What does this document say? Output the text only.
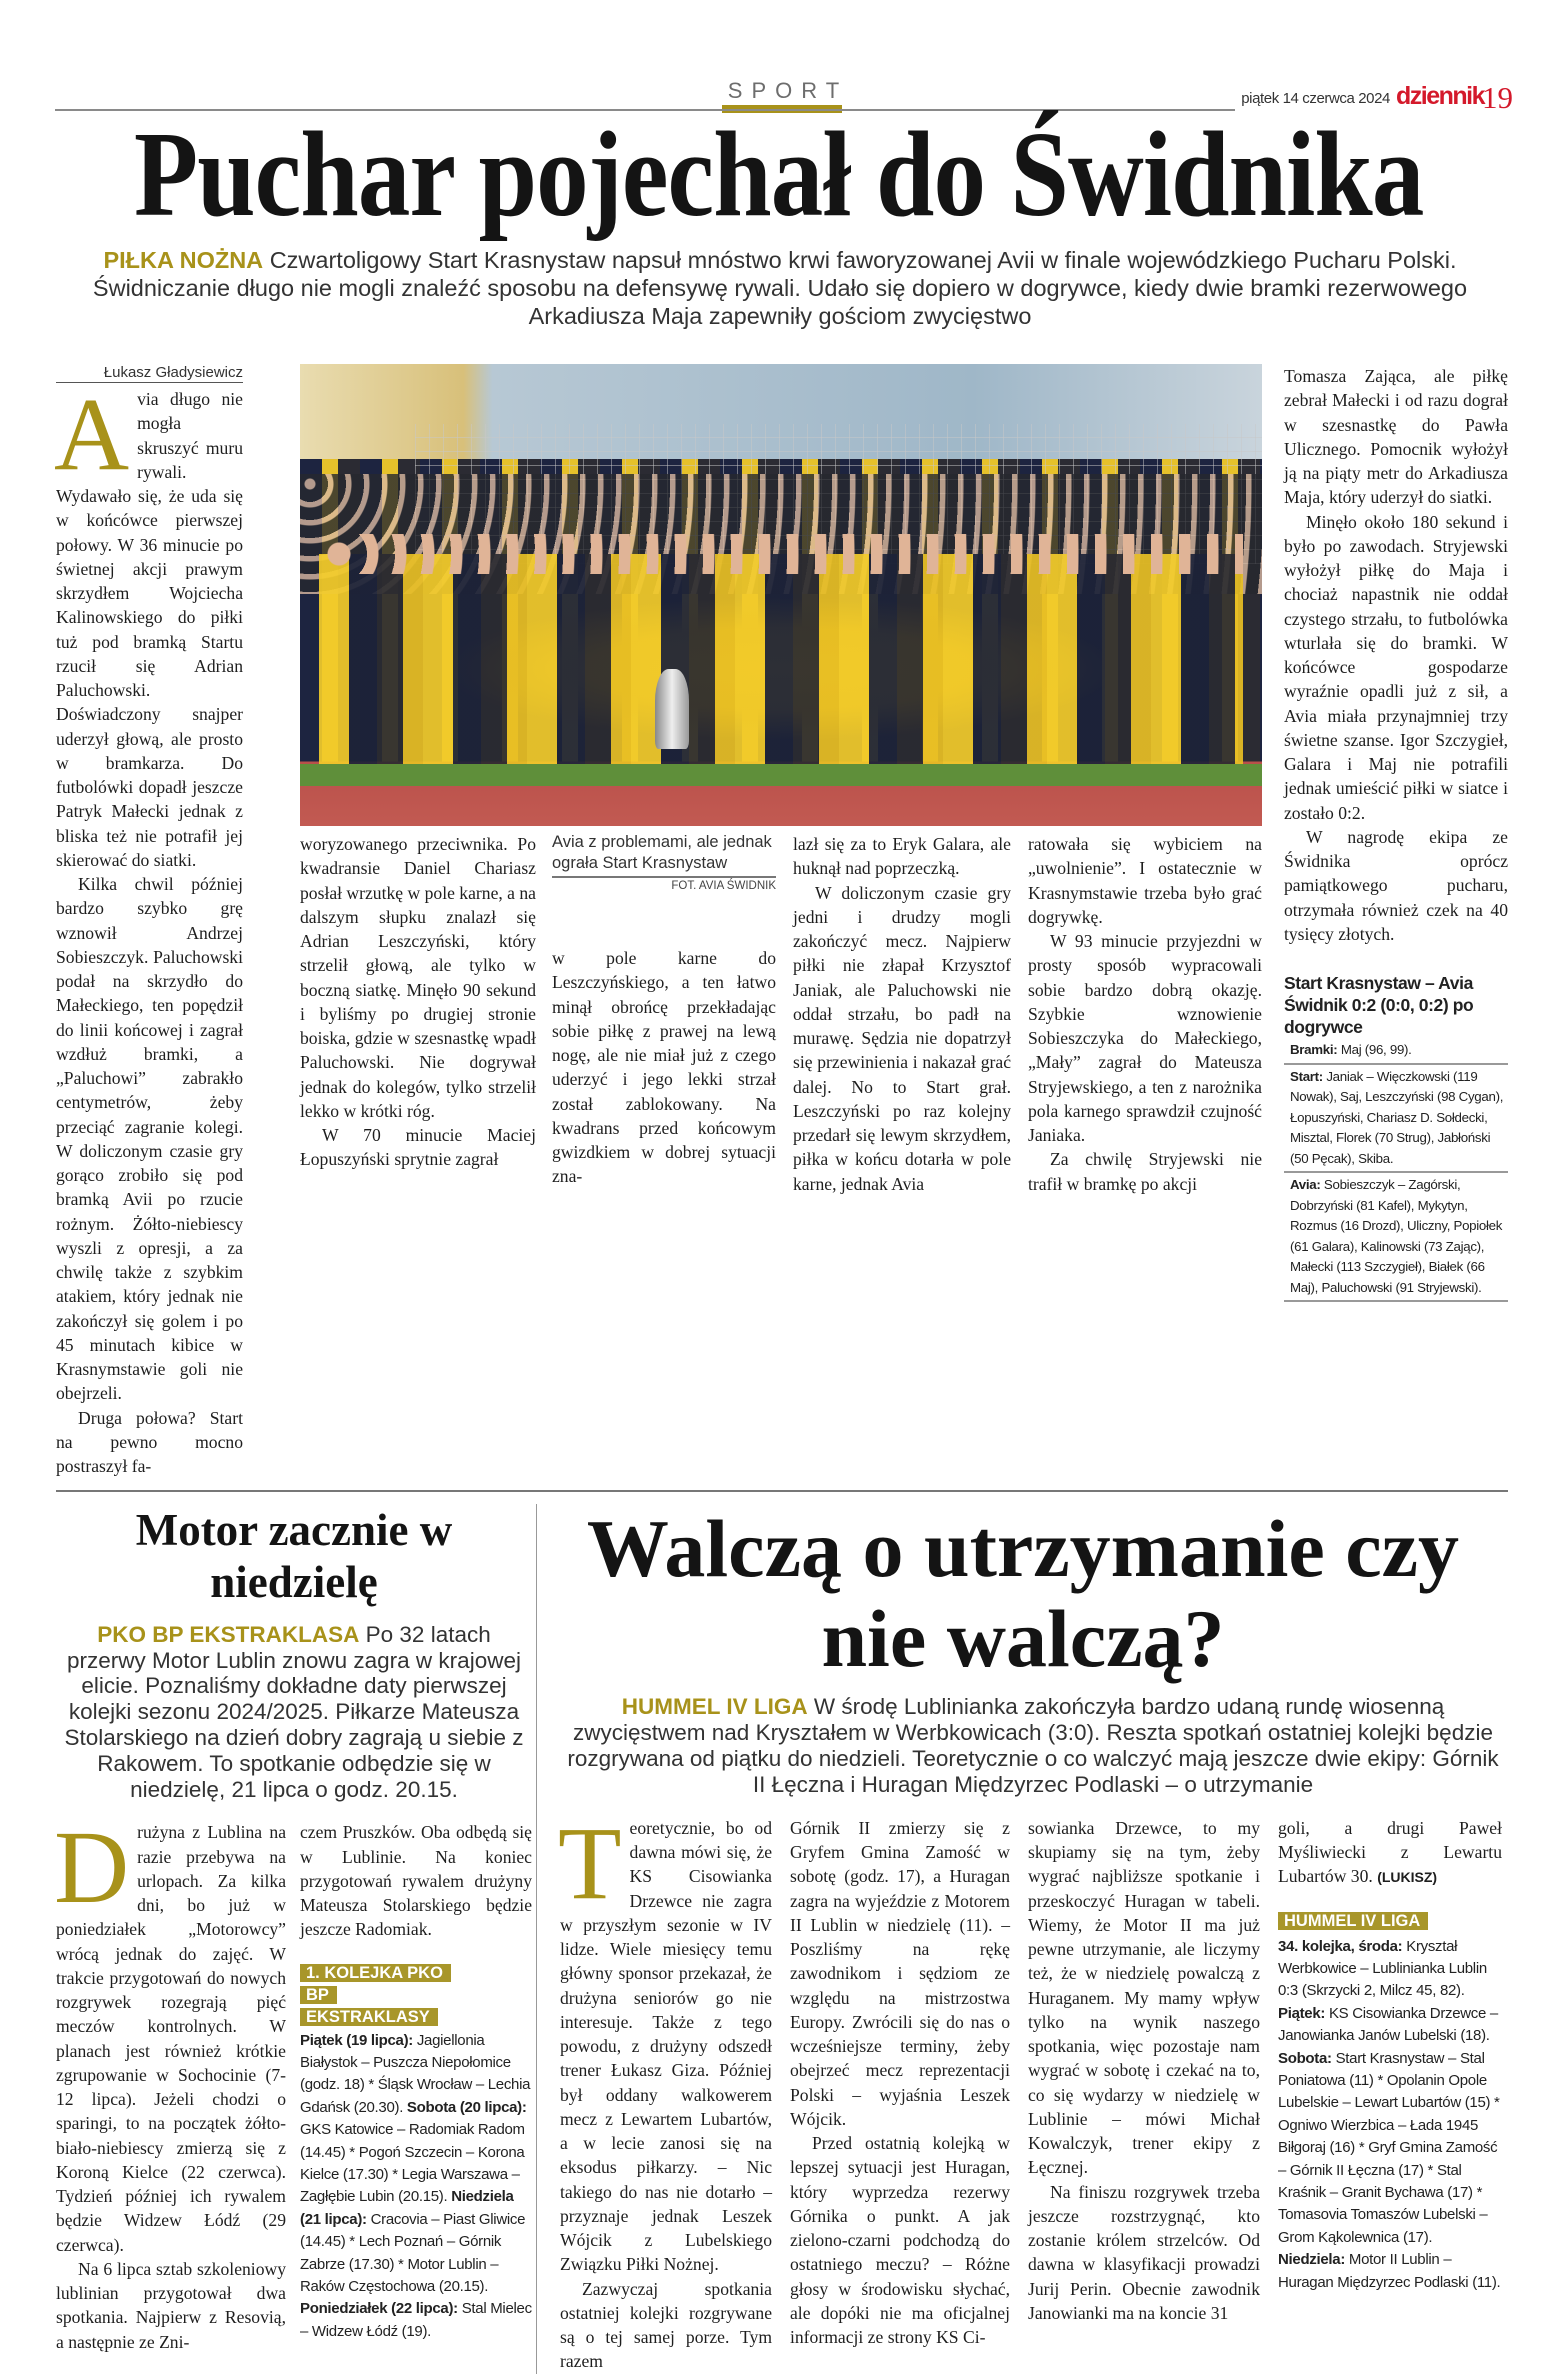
SPORT	piątek 14 czerwca 2024 dziennik
19
Puchar pojechał do Świdnika
PIŁKA NOŻNA Czwartoligowy Start Krasnystaw napsuł mnóstwo krwi faworyzowanej Avii w finale wojewódzkiego Pucharu Polski. Świdniczanie długo nie mogli znaleźć sposobu na defensywę rywali. Udało się dopiero w dogrywce, kiedy dwie bramki rezerwowego Arkadiusza Maja zapewniły gościom zwycięstwo
Łukasz Gładysiewicz

Avia długo nie mogła skruszyć muru rywali. Wydawało się, że uda się w końcówce pierwszej połowy. W 36 minucie po świetnej akcji prawym skrzydłem Wojciecha Kalinowskiego do piłki tuż pod bramką Startu rzucił się Adrian Paluchowski. Doświadczony snajper uderzył głową, ale prosto w bramkarza. Do futbolówki dopadł jeszcze Patryk Małecki jednak z bliska też nie potrafił jej skierować do siatki.

Kilka chwil później bardzo szybko grę wznowił Andrzej Sobieszczyk. Paluchowski podał na skrzydło do Małeckiego, ten popędził do linii końcowej i zagrał wzdłuż bramki, a „Paluchowi” zabrakło centymetrów, żeby przeciąć zagranie kolegi. W doliczonym czasie gry gorąco zrobiło się pod bramką Avii po rzucie rożnym. Żółto-niebiescy wyszli z opresji, a za chwilę także z szybkim atakiem, który jednak nie zakończył się golem i po 45 minutach kibice w Krasnymstawie goli nie obejrzeli.

Druga połowa? Start na pewno mocno postraszył fa-

woryzowanego przeciwnika. Po kwadransie Daniel Chariasz posłał wrzutkę w pole karne, a na dalszym słupku znalazł się Adrian Leszczyński, który strzelił głową, ale tylko w boczną siatkę. Minęło 90 sekund i byliśmy po drugiej stronie boiska, gdzie w szesnastkę wpadł Paluchowski. Nie dogrywał jednak do kolegów, tylko strzelił lekko w krótki róg.

W 70 minucie Maciej Łopuszyński sprytnie zagrał

Avia z problemami, ale jednak ograła Start Krasnystaw
FOT. AVIA ŚWIDNIK

w pole karne do Leszczyńskiego, a ten łatwo minął obrońcę przekładając sobie piłkę z prawej na lewą nogę, ale nie miał już z czego uderzyć i jego lekki strzał został zablokowany. Na kwadrans przed końcowym gwizdkiem w dobrej sytuacji zna-

lazł się za to Eryk Galara, ale huknął nad poprzeczką.

W doliczonym czasie gry jedni i drudzy mogli zakończyć mecz. Najpierw piłki nie złapał Krzysztof Janiak, ale Paluchowski nie oddał strzału, bo padł na murawę. Sędzia nie dopatrzył się przewinienia i nakazał grać dalej. No to Start grał. Leszczyński po raz kolejny przedarł się lewym skrzydłem, piłka w końcu dotarła w pole karne, jednak Avia

ratowała się wybiciem na „uwolnienie”. I ostatecznie w Krasnymstawie trzeba było grać dogrywkę.

W 93 minucie przyjezdni w prosty sposób wypracowali sobie bardzo dobrą okazję. Szybkie wznowienie Sobieszczyka do Małeckiego, „Mały” zagrał do Mateusza Stryjewskiego, a ten z narożnika pola karnego sprawdził czujność Janiaka.

Za chwilę Stryjewski nie trafił w bramkę po akcji

Tomasza Zająca, ale piłkę zebrał Małecki i od razu dograł w szesnastkę do Pawła Ulicznego. Pomocnik wyłożył ją na piąty metr do Arkadiusza Maja, który uderzył do siatki.

Minęło około 180 sekund i było po zawodach. Stryjewski wyłożył piłkę do Maja i chociaż napastnik nie oddał czystego strzału, to futbolówka wturlała się do bramki. W końcówce gospodarze wyraźnie opadli już z sił, a Avia miała przynajmniej trzy świetne szanse. Igor Szczygieł, Galara i Maj nie potrafili jednak umieścić piłki w siatce i zostało 0:2.

W nagrodę ekipa ze Świdnika oprócz pamiątkowego pucharu, otrzymała również czek na 40 tysięcy złotych.

Start Krasnystaw – Avia Świdnik 0:2 (0:0, 0:2) po dogrywce
Bramki: Maj (96, 99).
Start: Janiak – Więczkowski (119 Nowak), Saj, Leszczyński (98 Cygan), Łopuszyński, Chariasz D. Sołdecki, Misztal, Florek (70 Strug), Jabłoński (50 Pęcak), Skiba.
Avia: Sobieszczyk – Zagórski, Dobrzyński (81 Kafel), Mykytyn, Rozmus (16 Drozd), Uliczny, Popiołek (61 Galara), Kalinowski (73 Zając), Małecki (113 Szczygieł), Białek (66 Maj), Paluchowski (91 Stryjewski).
Motor zacznie w niedzielę
PKO BP EKSTRAKLASA Po 32 latach przerwy Motor Lublin znowu zagra w krajowej elicie. Poznaliśmy dokładne daty pierwszej kolejki sezonu 2024/2025. Piłkarze Mateusza Stolarskiego na dzień dobry zagrają u siebie z Rakowem. To spotkanie odbędzie się w niedzielę, 21 lipca o godz. 20.15.

Drużyna z Lublina na razie przebywa na urlopach. Za kilka dni, bo już w poniedziałek „Motorowcy” wrócą jednak do zajęć. W trakcie przygotowań do nowych rozgrywek rozegrają pięć meczów kontrolnych. W planach jest również krótkie zgrupowanie w Sochocinie (7-12 lipca). Jeżeli chodzi o sparingi, to na początek żółto-biało-niebiescy zmierzą się z Koroną Kielce (22 czerwca). Tydzień później ich rywalem będzie Widzew Łódź (29 czerwca).

Na 6 lipca sztab szkoleniowy lublinian przygotował dwa spotkania. Najpierw z Resovią, a następnie ze Zni-

czem Pruszków. Oba odbędą się w Lublinie. Na koniec przygotowań rywalem drużyny Mateusza Stolarskiego będzie jeszcze Radomiak.

1. KOLEJKA PKO BP EKSTRAKLASY
Piątek (19 lipca): Jagiellonia Białystok – Puszcza Niepołomice (godz. 18) * Śląsk Wrocław – Lechia Gdańsk (20.30). Sobota (20 lipca): GKS Katowice – Radomiak Radom (14.45) * Pogoń Szczecin – Korona Kielce (17.30) * Legia Warszawa – Zagłębie Lubin (20.15). Niedziela (21 lipca): Cracovia – Piast Gliwice (14.45) * Lech Poznań – Górnik Zabrze (17.30) * Motor Lublin – Raków Częstochowa (20.15). Poniedziałek (22 lipca): Stal Mielec – Widzew Łódź (19).
Walczą o utrzymanie czy nie walczą?
HUMMEL IV LIGA W środę Lublinianka zakończyła bardzo udaną rundę wiosenną zwycięstwem nad Kryształem w Werbkowicach (3:0). Reszta spotkań ostatniej kolejki będzie rozgrywana od piątku do niedzieli. Teoretycznie o co walczyć mają jeszcze dwie ekipy: Górnik II Łęczna i Huragan Międzyrzec Podlaski – o utrzymanie

Teoretycznie, bo od dawna mówi się, że KS Cisowianka Drzewce nie zagra w przyszłym sezonie w IV lidze. Wiele miesięcy temu główny sponsor przekazał, że drużyna seniorów go nie interesuje. Także z tego powodu, z drużyny odszedł trener Łukasz Giza. Później był oddany walkowerem mecz z Lewartem Lubartów, a w lecie zanosi się na eksodus piłkarzy. – Nic takiego do nas nie dotarło – przyznaje jednak Leszek Wójcik z Lubelskiego Związku Piłki Nożnej.

Zazwyczaj spotkania ostatniej kolejki rozgrywane są o tej samej porze. Tym razem

Górnik II zmierzy się z Gryfem Gmina Zamość w sobotę (godz. 17), a Huragan zagra na wyjeździe z Motorem II Lublin w niedzielę (11). – Poszliśmy na rękę zawodnikom i sędziom ze względu na mistrzostwa Europy. Zwrócili się do nas o wcześniejsze terminy, żeby obejrzeć mecz reprezentacji Polski – wyjaśnia Leszek Wójcik.

Przed ostatnią kolejką w lepszej sytuacji jest Huragan, który wyprzedza rezerwy Górnika o punkt. A jak zielono-czarni podchodzą do ostatniego meczu? – Różne głosy w środowisku słychać, ale dopóki nie ma oficjalnej informacji ze strony KS Ci-

sowianka Drzewce, to my skupiamy się na tym, żeby wygrać najbliższe spotkanie i przeskoczyć Huragan w tabeli. Wiemy, że Motor II ma już pewne utrzymanie, ale liczymy też, że w niedzielę powalczą z Huraganem. My mamy wpływ tylko na wynik naszego spotkania, więc pozostaje nam wygrać w sobotę i czekać na to, co się wydarzy w niedzielę w Lublinie – mówi Michał Kowalczyk, trener ekipy z Łęcznej.

Na finiszu rozgrywek trzeba jeszcze rozstrzygnąć, kto zostanie królem strzelców. Od dawna w klasyfikacji prowadzi Jurij Perin. Obecnie zawodnik Janowianki ma na koncie 31

goli, a drugi Paweł Myśliwiecki z Lewartu Lubartów 30. (LUKISZ)

HUMMEL IV LIGA
34. kolejka, środa: Kryształ Werbkowice – Lublinianka Lublin 0:3 (Skrzycki 2, Milcz 45, 82).
Piątek: KS Cisowianka Drzewce – Janowianka Janów Lubelski (18).
Sobota: Start Krasnystaw – Stal Poniatowa (11) * Opolanin Opole Lubelskie – Lewart Lubartów (15) * Ogniwo Wierzbica – Łada 1945 Biłgoraj (16) * Gryf Gmina Zamość – Górnik II Łęczna (17) * Stal Kraśnik – Granit Bychawa (17) * Tomasovia Tomaszów Lubelski – Grom Kąkolewnica (17).
Niedziela: Motor II Lublin – Huragan Międzyrzec Podlaski (11).
